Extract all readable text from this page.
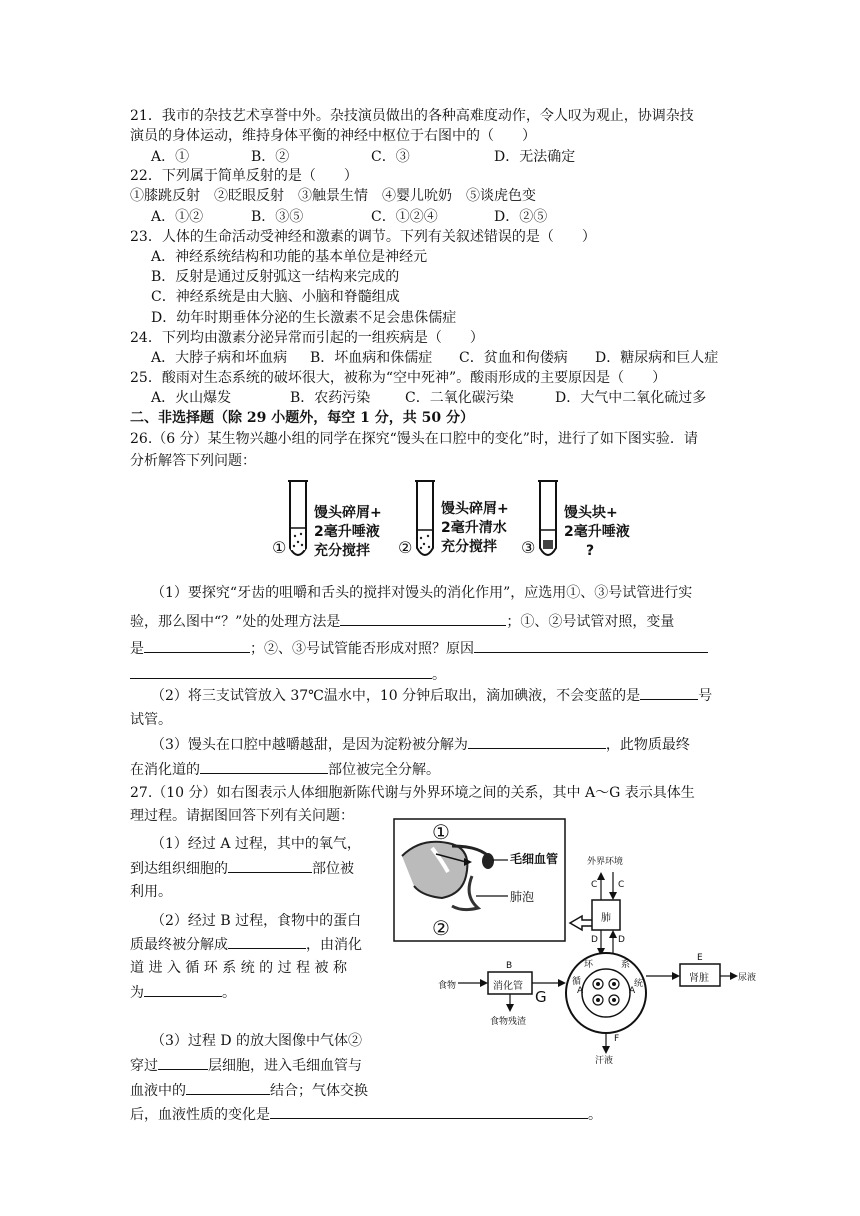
21．我市的杂技艺术享誉中外。杂技演员做出的各种高难度动作，令人叹为观止，协调杂技
演员的身体运动，维持身体平衡的神经中枢位于右图中的（　　）
A．①	B．②	C．③	D．无法确定
22．下列属于简单反射的是（　　）
①膝跳反射　②眨眼反射　③触景生情　④婴儿吮奶　⑤谈虎色变
A．①②	B．③⑤	C．①②④	D．②⑤
23．人体的生命活动受神经和激素的调节。下列有关叙述错误的是（　　）
A．神经系统结构和功能的基本单位是神经元
B．反射是通过反射弧这一结构来完成的
C．神经系统是由大脑、小脑和脊髓组成
D．幼年时期垂体分泌的生长激素不足会患侏儒症
24．下列均由激素分泌异常而引起的一组疾病是（　　）
A．大脖子病和坏血病 B．坏血病和侏儒症 C．贫血和佝偻病 D．糖尿病和巨人症
25．酸雨对生态系统的破坏很大，被称为“空中死神”。酸雨形成的主要原因是（　　）
A．火山爆发	B．农药污染 C．二氧化碳污染	D．大气中二氧化硫过多
二、非选择题（除 29 小题外，每空 1 分，共 50 分）
26.（6 分）某生物兴趣小组的同学在探究“馒头在口腔中的变化”时，进行了如下图实验．请
分析解答下列问题：
①
馒头碎屑+
2毫升唾液
充分搅拌 ②
馒头碎屑+
2毫升清水
充分搅拌 ③
馒头块+
2毫升唾液
?
（1）要探究“牙齿的咀嚼和舌头的搅拌对馒头的消化作用”，应选用①、③号试管进行实
验，那么图中“？”处的处理方法是	；①、②号试管对照，变量
是	；②、③号试管能否形成对照？原因
。
（2）将三支试管放入 37℃温水中，10 分钟后取出，滴加碘液，不会变蓝的是	号
试管。
（3）馒头在口腔中越嚼越甜，是因为淀粉被分解为	，此物质最终
在消化道的	部位被完全分解。
27.（10 分）如右图表示人体细胞新陈代谢与外界环境之间的关系，其中 A～G 表示具体生
理过程。请据图回答下列有关问题：
（1）经过 A 过程，其中的氧气，
到达组织细胞的	部位被
利用。
（2）经过 B 过程，食物中的蛋白
质最终被分解成	，由消化
道 进 入 循 环 系 统 的 过 程 被 称
为	。
（3）过程 D 的放大图像中气体②
穿过	层细胞，进入毛细血管与
血液中的	结合；气体交换
后，血液性质的变化是	。
①
②
毛细血管
肺泡
外界环境
肺
C C
D D
环	系
循	统
A	A
食物
B
消化管
G
食物残渣
E
肾脏	尿液
F
汗液
